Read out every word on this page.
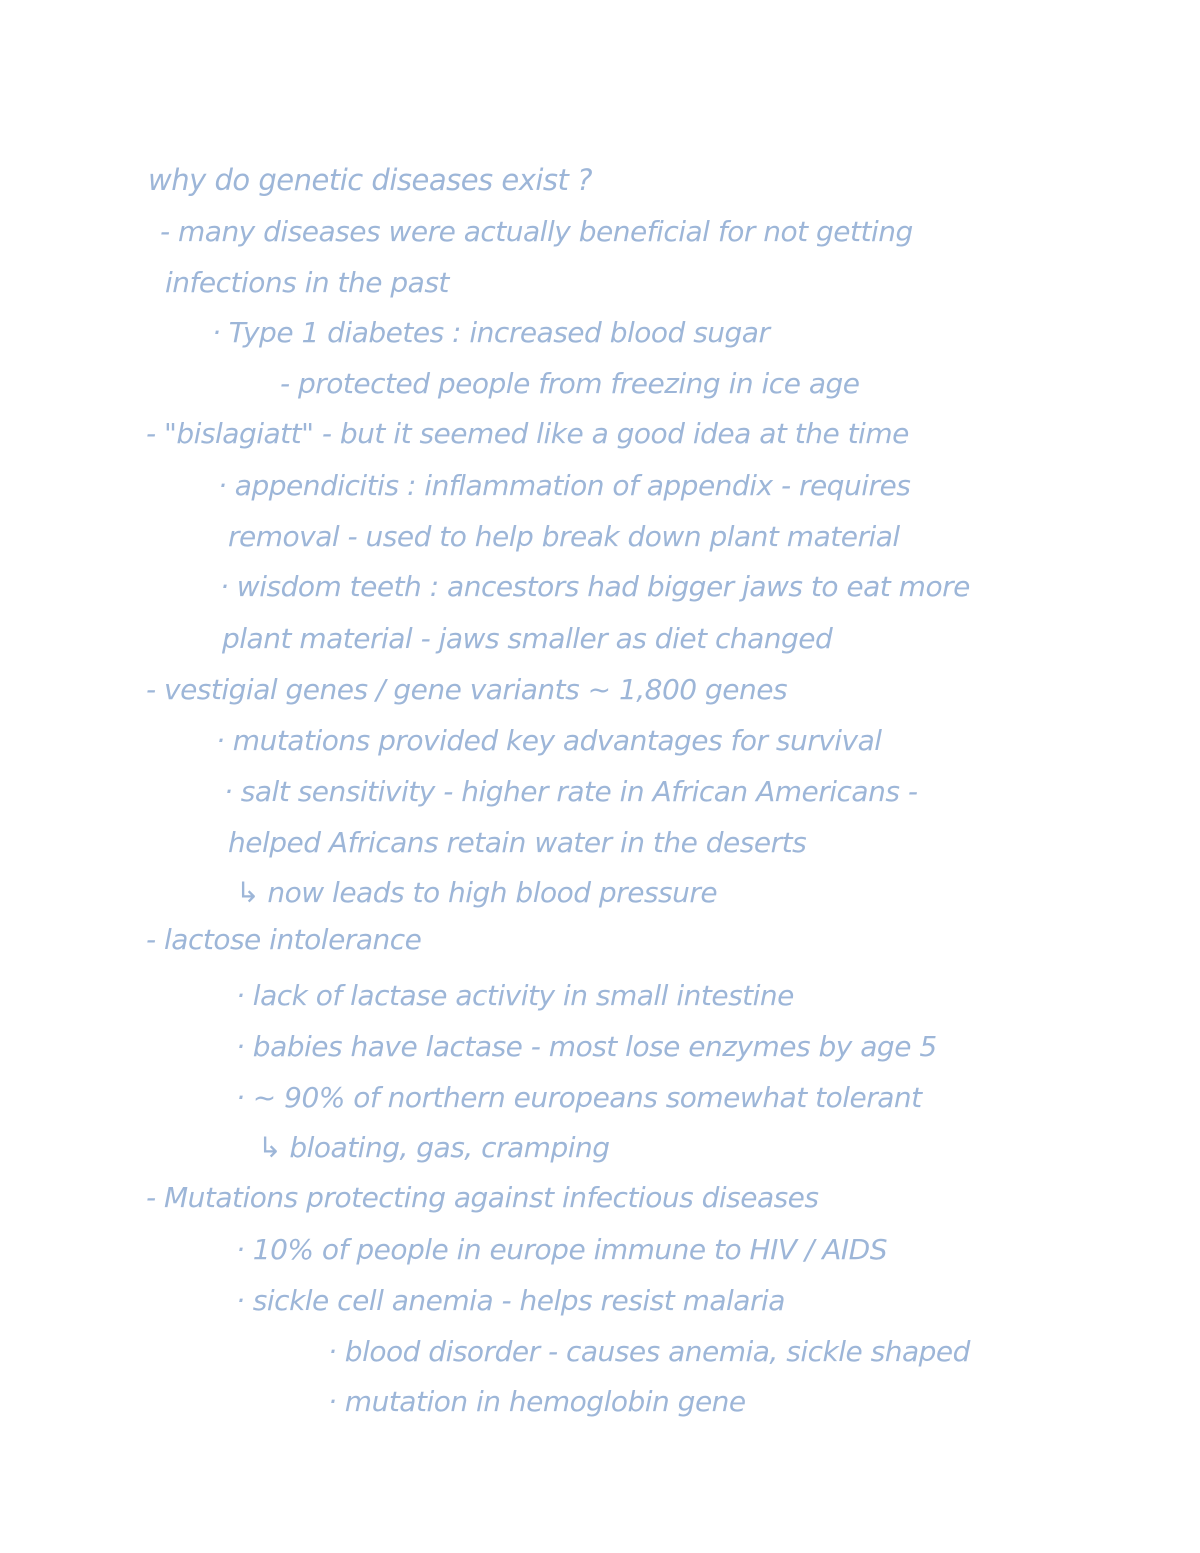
why do genetic diseases exist ?
- many diseases were actually beneficial for not getting
infections in the past
· Type 1 diabetes : increased blood sugar
- protected people from freezing in ice age
- "bislagiatt" - but it seemed like a good idea at the time
· appendicitis : inflammation of appendix - requires
removal - used to help break down plant material
· wisdom teeth : ancestors had bigger jaws to eat more
plant material - jaws smaller as diet changed
- vestigial genes / gene variants ~ 1,800 genes
· mutations provided key advantages for survival
· salt sensitivity - higher rate in African Americans -
helped Africans retain water in the deserts
↳ now leads to high blood pressure
- lactose intolerance
· lack of lactase activity in small intestine
· babies have lactase - most lose enzymes by age 5
· ~ 90% of northern europeans somewhat tolerant
↳ bloating, gas, cramping
- Mutations protecting against infectious diseases
· 10% of people in europe immune to HIV / AIDS
· sickle cell anemia - helps resist malaria
· blood disorder - causes anemia, sickle shaped
· mutation in hemoglobin gene
